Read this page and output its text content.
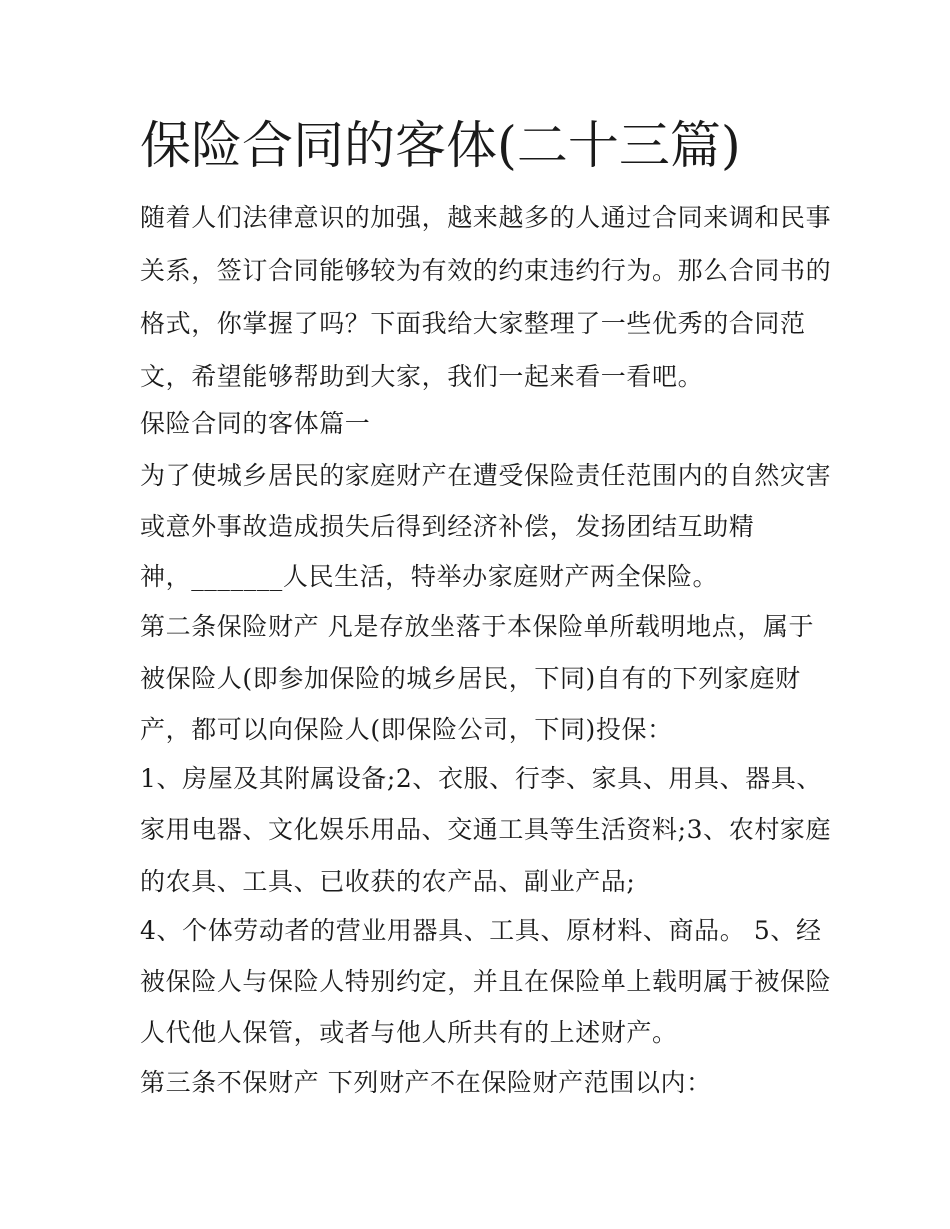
保险合同的客体(二十三篇)

随着人们法律意识的加强，越来越多的人通过合同来调和民事

关系，签订合同能够较为有效的约束违约行为。那么合同书的

格式，你掌握了吗？下面我给大家整理了一些优秀的合同范

文，希望能够帮助到大家，我们一起来看一看吧。

保险合同的客体篇一

为了使城乡居民的家庭财产在遭受保险责任范围内的自然灾害

或意外事故造成损失后得到经济补偿，发扬团结互助精

神，_______人民生活，特举办家庭财产两全保险。

第二条保险财产 凡是存放坐落于本保险单所载明地点，属于

被保险人(即参加保险的城乡居民，下同)自有的下列家庭财

产，都可以向保险人(即保险公司，下同)投保：

1、房屋及其附属设备;2、衣服、行李、家具、用具、器具、

家用电器、文化娱乐用品、交通工具等生活资料;3、农村家庭

的农具、工具、已收获的农产品、副业产品;

4、个体劳动者的营业用器具、工具、原材料、商品。 5、经

被保险人与保险人特别约定，并且在保险单上载明属于被保险

人代他人保管，或者与他人所共有的上述财产。

第三条不保财产 下列财产不在保险财产范围以内：
